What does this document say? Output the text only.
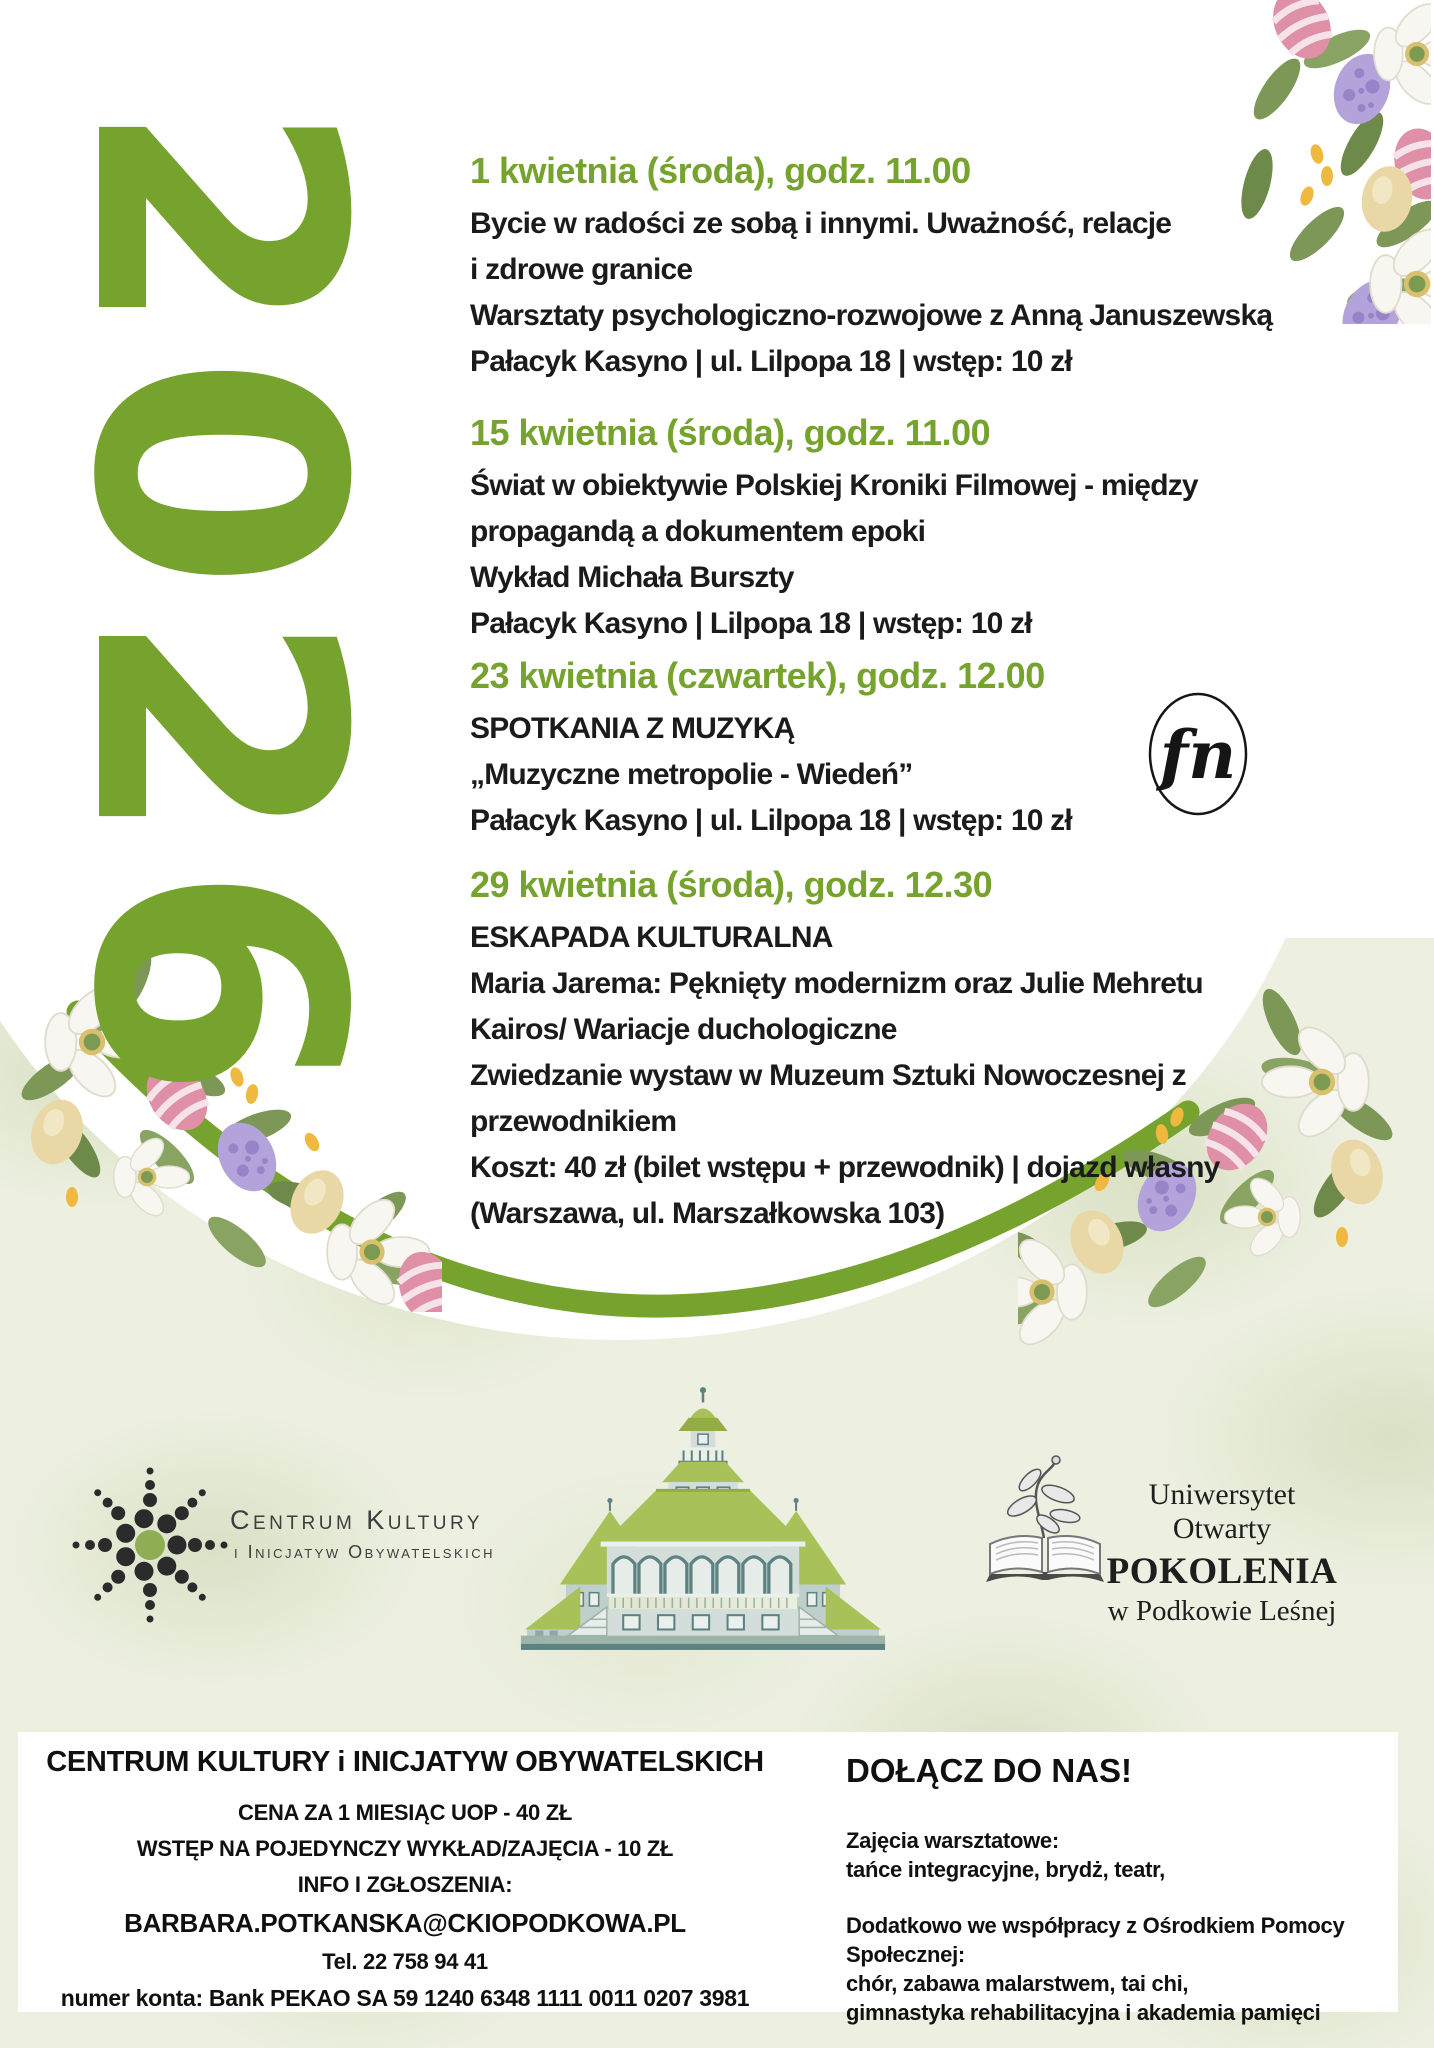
2026 1 kwietnia (środa), godz. 11.00
Bycie w radości ze sobą i innymi. Uważność, relacje
i zdrowe granice
Warsztaty psychologiczno-rozwojowe z Anną Januszewską
Pałacyk Kasyno | ul. Lilpopa 18 | wstęp: 10 zł
15 kwietnia (środa), godz. 11.00
Świat w obiektywie Polskiej Kroniki Filmowej - między
propagandą a dokumentem epoki
Wykład Michała Burszty
Pałacyk Kasyno | Lilpopa 18 | wstęp: 10 zł
23 kwietnia (czwartek), godz. 12.00
SPOTKANIA Z MUZYKĄ
„Muzyczne metropolie - Wiedeń”
Pałacyk Kasyno | ul. Lilpopa 18 | wstęp: 10 zł
29 kwietnia (środa), godz. 12.30
ESKAPADA KULTURALNA
Maria Jarema: Pęknięty modernizm oraz Julie Mehretu
Kairos/ Wariacje duchologiczne
Zwiedzanie wystaw w Muzeum Sztuki Nowoczesnej z
przewodnikiem
Koszt: 40 zł (bilet wstępu + przewodnik) | dojazd własny
(Warszawa, ul. Marszałkowska 103)
fn
Centrum Kultury
i Inicjatyw Obywatelskich
Uniwersytet Otwarty
POKOLENIA
w Podkowie Leśnej
CENTRUM KULTURY i INICJATYW OBYWATELSKICH
CENA ZA 1 MIESIĄC UOP - 40 ZŁ
WSTĘP NA POJEDYNCZY WYKŁAD/ZAJĘCIA - 10 ZŁ
INFO I ZGŁOSZENIA:
BARBARA.POTKANSKA@CKIOPODKOWA.PL
Tel. 22 758 94 41
numer konta: Bank PEKAO SA 59 1240 6348 1111 0011 0207 3981
DOŁĄCZ DO NAS!
Zajęcia warsztatowe:
tańce integracyjne, brydż, teatr,
Dodatkowo we współpracy z Ośrodkiem Pomocy Społecznej:
chór, zabawa malarstwem, tai chi,
gimnastyka rehabilitacyjna i akademia pamięci
